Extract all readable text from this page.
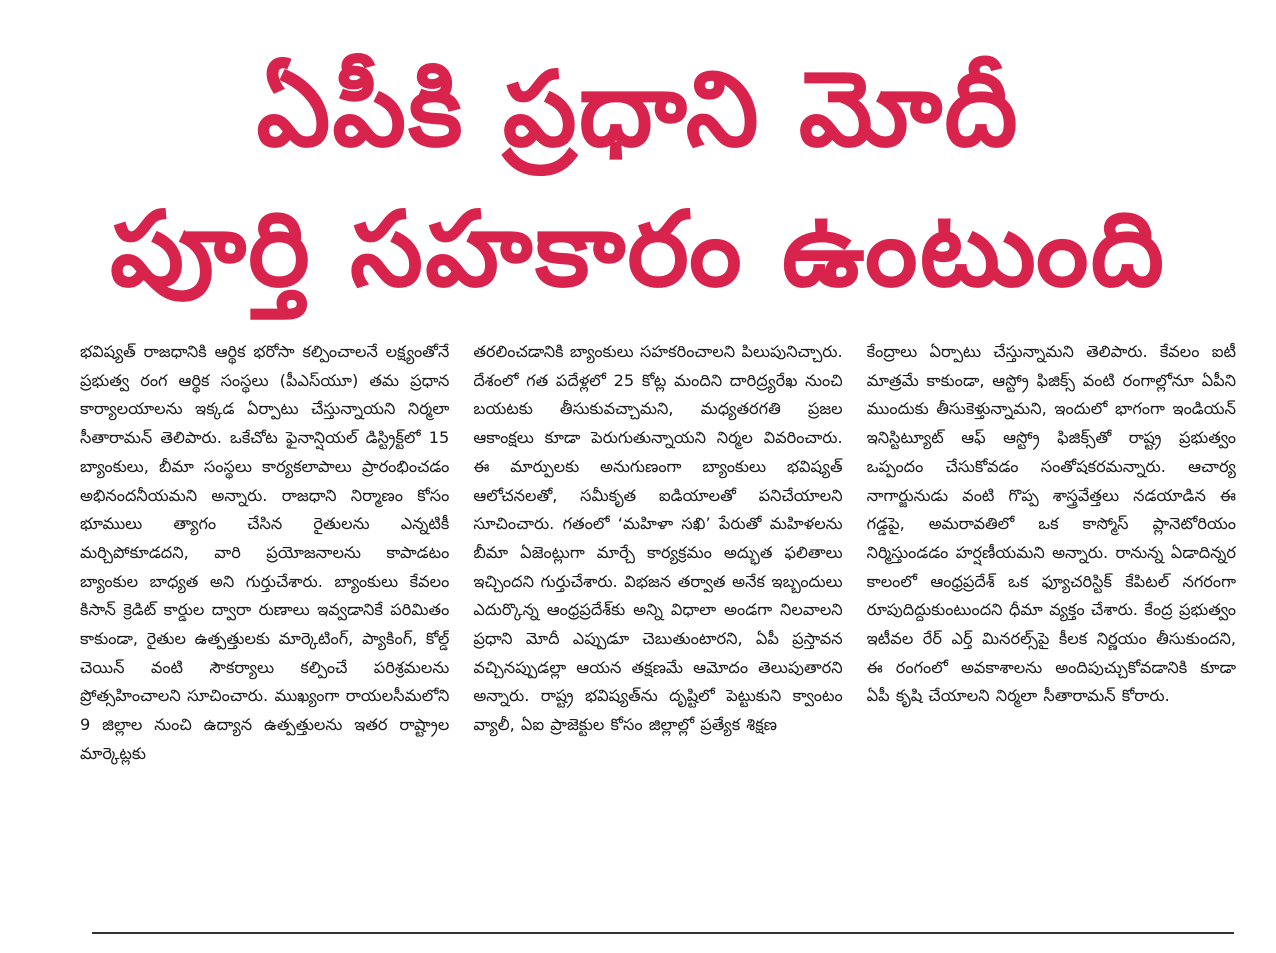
ఏపీకి ప్రధాని మోదీ
పూర్తి సహకారం ఉంటుంది
భవిష్యత్ రాజధానికి ఆర్థిక భరోసా కల్పించాలనే లక్ష్యంతోనే ప్రభుత్వ రంగ ఆర్థిక సంస్థలు (పీఎస్‌యూ) తమ ప్రధాన కార్యాలయాలను ఇక్కడ ఏర్పాటు చేస్తున్నాయని నిర్మలా సీతారామన్ తెలిపారు. ఒకేచోట ఫైనాన్షియల్ డిస్ట్రిక్ట్‌లో 15 బ్యాంకులు, బీమా సంస్థలు కార్యకలాపాలు ప్రారంభించడం అభినందనీయమని అన్నారు. రాజధాని నిర్మాణం కోసం భూములు త్యాగం చేసిన రైతులను ఎన్నటికీ మర్చిపోకూడదని, వారి ప్రయోజనాలను కాపాడటం బ్యాంకుల బాధ్యత అని గుర్తుచేశారు. బ్యాంకులు కేవలం కిసాన్ క్రెడిట్ కార్డుల ద్వారా రుణాలు ఇవ్వడానికే పరిమితం కాకుండా, రైతుల ఉత్పత్తులకు మార్కెటింగ్, ప్యాకింగ్, కోల్డ్ చెయిన్ వంటి సౌకర్యాలు కల్పించే పరిశ్రమలను ప్రోత్సహించాలని సూచించారు. ముఖ్యంగా రాయలసీమలోని 9 జిల్లాల నుంచి ఉద్యాన ఉత్పత్తులను ఇతర రాష్ట్రాల మార్కెట్లకు
తరలించడానికి బ్యాంకులు సహకరించాలని పిలుపునిచ్చారు. దేశంలో గత పదేళ్లలో 25 కోట్ల మందిని దారిద్ర్యరేఖ నుంచి బయటకు తీసుకువచ్చామని, మధ్యతరగతి ప్రజల ఆకాంక్షలు కూడా పెరుగుతున్నాయని నిర్మల వివరించారు. ఈ మార్పులకు అనుగుణంగా బ్యాంకులు భవిష్యత్ ఆలోచనలతో, సమీకృత ఐడియాలతో పనిచేయాలని సూచించారు. గతంలో ‘మహిళా సఖి’ పేరుతో మహిళలను బీమా ఏజెంట్లుగా మార్చే కార్యక్రమం అద్భుత ఫలితాలు ఇచ్చిందని గుర్తుచేశారు. విభజన తర్వాత అనేక ఇబ్బందులు ఎదుర్కొన్న ఆంధ్రప్రదేశ్‌కు అన్ని విధాలా అండగా నిలవాలని ప్రధాని మోదీ ఎప్పుడూ చెబుతుంటారని, ఏపీ ప్రస్తావన వచ్చినప్పుడల్లా ఆయన తక్షణమే ఆమోదం తెలుపుతారని అన్నారు. రాష్ట్ర భవిష్యత్‌ను దృష్టిలో పెట్టుకుని క్వాంటం వ్యాలీ, ఏఐ ప్రాజెక్టుల కోసం జిల్లాల్లో ప్రత్యేక శిక్షణ
కేంద్రాలు ఏర్పాటు చేస్తున్నామని తెలిపారు. కేవలం ఐటీ మాత్రమే కాకుండా, ఆస్ట్రో ఫిజిక్స్ వంటి రంగాల్లోనూ ఏపీని ముందుకు తీసుకెళ్తున్నామని, ఇందులో భాగంగా ఇండియన్ ఇనిస్టిట్యూట్ ఆఫ్ ఆస్ట్రో ఫిజిక్స్‌తో రాష్ట్ర ప్రభుత్వం ఒప్పందం చేసుకోవడం సంతోషకరమన్నారు. ఆచార్య నాగార్జునుడు వంటి గొప్ప శాస్త్రవేత్తలు నడయాడిన ఈ గడ్డపై, అమరావతిలో ఒక కాస్మోస్ ప్లానెటోరియం నిర్మిస్తుండడం హర్షణీయమని అన్నారు. రానున్న ఏడాదిన్నర కాలంలో ఆంధ్రప్రదేశ్ ఒక ఫ్యూచరిస్టిక్ కేపిటల్ నగరంగా రూపుదిద్దుకుంటుందని ధీమా వ్యక్తం చేశారు. కేంద్ర ప్రభుత్వం ఇటీవల రేర్ ఎర్త్ మినరల్స్‌పై కీలక నిర్ణయం తీసుకుందని, ఈ రంగంలో అవకాశాలను అందిపుచ్చుకోవడానికి కూడా ఏపీ కృషి చేయాలని నిర్మలా సీతారామన్ కోరారు.
